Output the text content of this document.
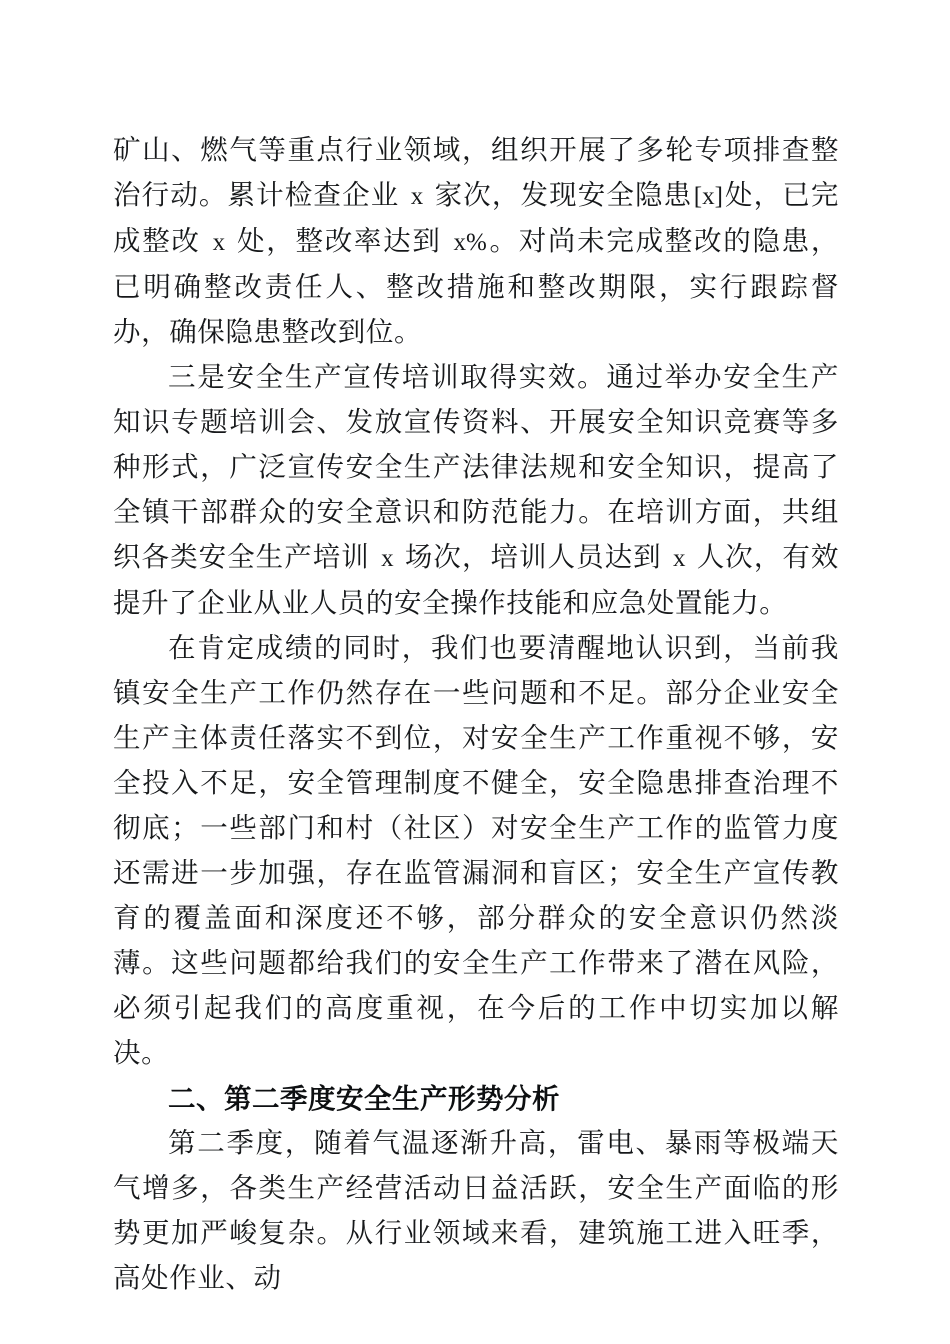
矿山、燃气等重点行业领域，组织开展了多轮专项排查整治行动。累计检查企业 x 家次，发现安全隐患[x]处，已完成整改 x 处，整改率达到 x%。对尚未完成整改的隐患，已明确整改责任人、整改措施和整改期限，实行跟踪督办，确保隐患整改到位。

三是安全生产宣传培训取得实效。通过举办安全生产知识专题培训会、发放宣传资料、开展安全知识竞赛等多种形式，广泛宣传安全生产法律法规和安全知识，提高了全镇干部群众的安全意识和防范能力。在培训方面，共组织各类安全生产培训 x 场次，培训人员达到 x 人次，有效提升了企业从业人员的安全操作技能和应急处置能力。

在肯定成绩的同时，我们也要清醒地认识到，当前我镇安全生产工作仍然存在一些问题和不足。部分企业安全生产主体责任落实不到位，对安全生产工作重视不够，安全投入不足，安全管理制度不健全，安全隐患排查治理不彻底；一些部门和村（社区）对安全生产工作的监管力度还需进一步加强，存在监管漏洞和盲区；安全生产宣传教育的覆盖面和深度还不够，部分群众的安全意识仍然淡薄。这些问题都给我们的安全生产工作带来了潜在风险，必须引起我们的高度重视，在今后的工作中切实加以解决。

二、第二季度安全生产形势分析

第二季度，随着气温逐渐升高，雷电、暴雨等极端天气增多，各类生产经营活动日益活跃，安全生产面临的形势更加严峻复杂。从行业领域来看，建筑施工进入旺季，高处作业、动
